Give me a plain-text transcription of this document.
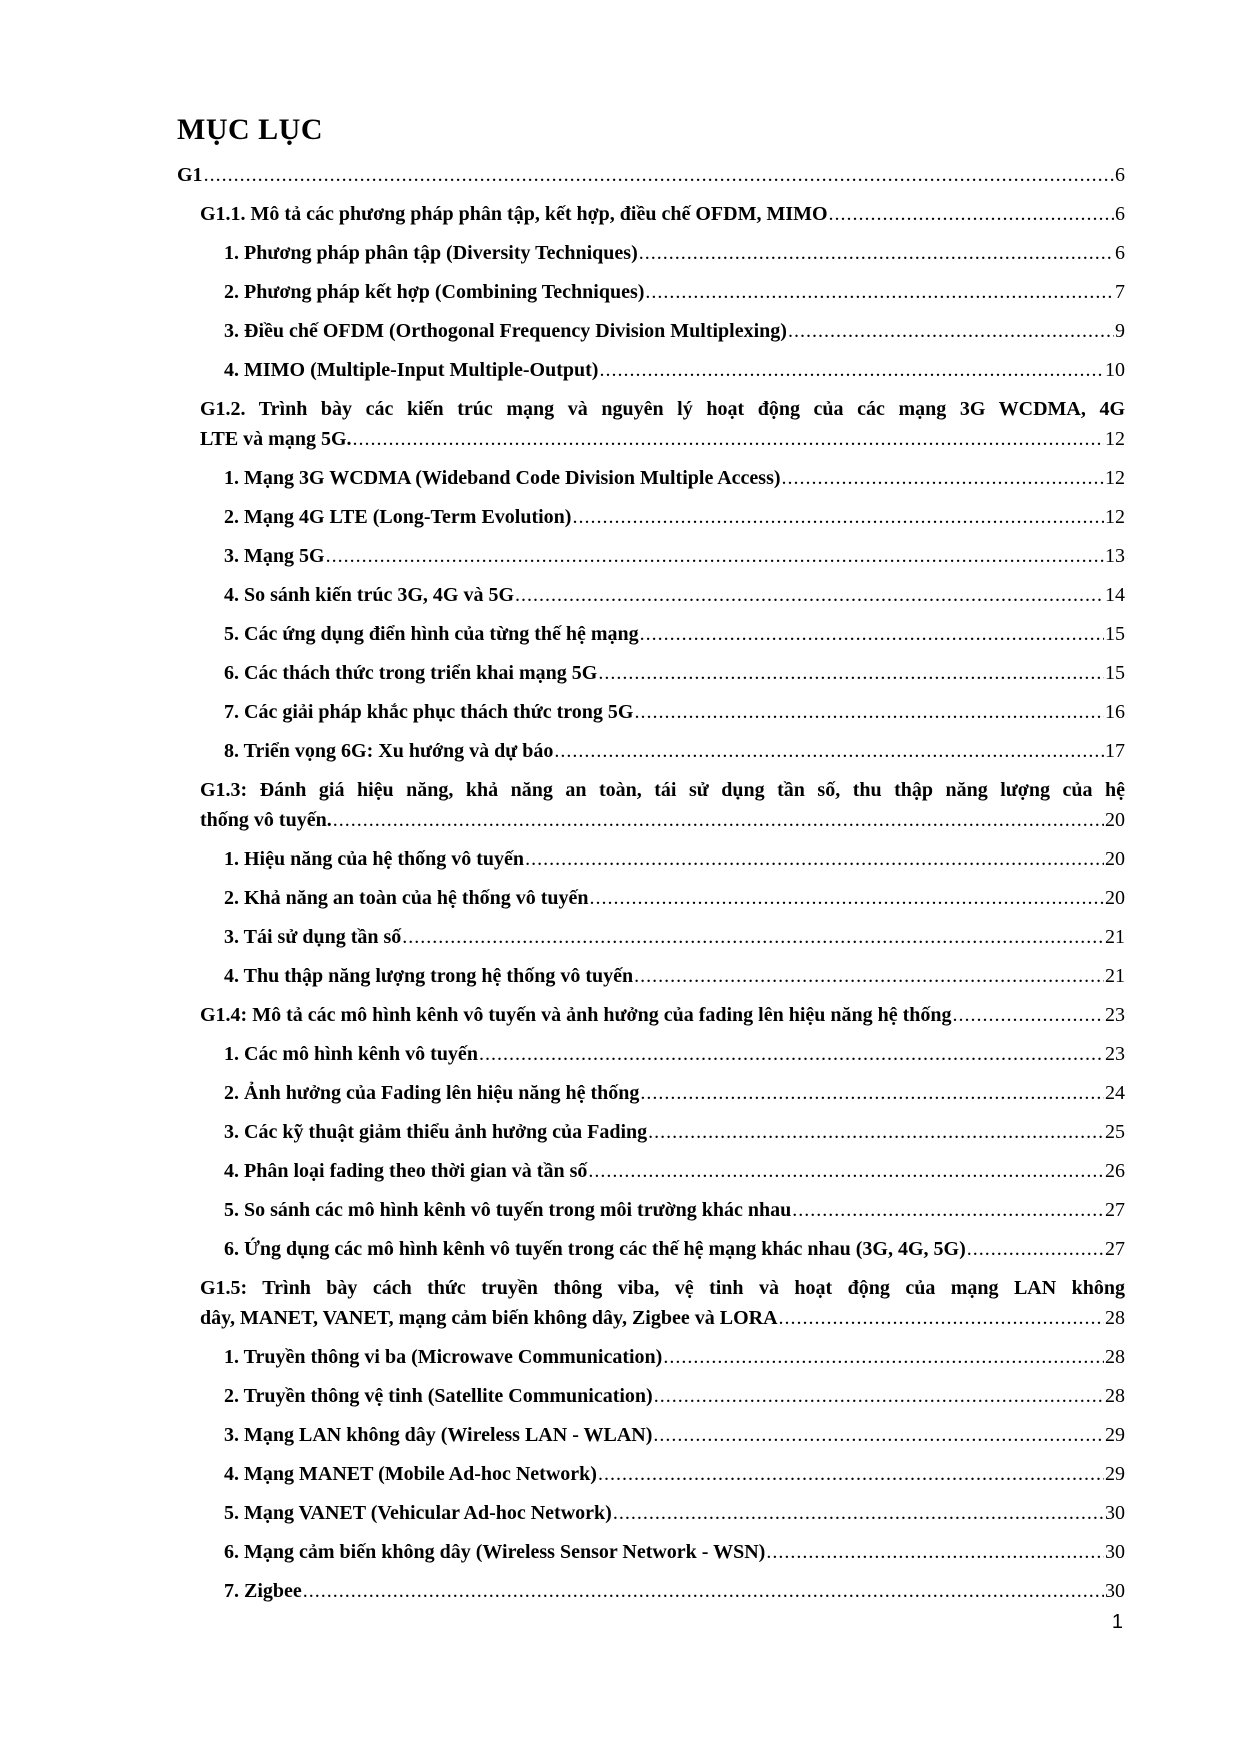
MỤC LỤC
G1 .....	6
G1.1. Mô tả các phương pháp phân tập, kết hợp, điều chế OFDM, MIMO .....	6
1. Phương pháp phân tập (Diversity Techniques) .....	6
2. Phương pháp kết hợp (Combining Techniques) .....	7
3. Điều chế OFDM (Orthogonal Frequency Division Multiplexing) .....	9
4. MIMO (Multiple-Input Multiple-Output) .....	10
G1.2. Trình bày các kiến trúc mạng và nguyên lý hoạt động của các mạng 3G WCDMA, 4G
LTE và mạng 5G. .....	12
1. Mạng 3G WCDMA (Wideband Code Division Multiple Access) .....	12
2. Mạng 4G LTE (Long-Term Evolution) .....	12
3. Mạng 5G .....	13
4. So sánh kiến trúc 3G, 4G và 5G .....	14
5. Các ứng dụng điển hình của từng thế hệ mạng .....	15
6. Các thách thức trong triển khai mạng 5G .....	15
7. Các giải pháp khắc phục thách thức trong 5G .....	16
8. Triển vọng 6G: Xu hướng và dự báo .....	17
G1.3: Đánh giá hiệu năng, khả năng an toàn, tái sử dụng tần số, thu thập năng lượng của hệ
thống vô tuyến. .....	20
1. Hiệu năng của hệ thống vô tuyến .....	20
2. Khả năng an toàn của hệ thống vô tuyến .....	20
3. Tái sử dụng tần số .....	21
4. Thu thập năng lượng trong hệ thống vô tuyến .....	21
G1.4: Mô tả các mô hình kênh vô tuyến và ảnh hưởng của fading lên hiệu năng hệ thống .....	23
1. Các mô hình kênh vô tuyến .....	23
2. Ảnh hưởng của Fading lên hiệu năng hệ thống .....	24
3. Các kỹ thuật giảm thiểu ảnh hưởng của Fading .....	25
4. Phân loại fading theo thời gian và tần số .....	26
5. So sánh các mô hình kênh vô tuyến trong môi trường khác nhau .....	27
6. Ứng dụng các mô hình kênh vô tuyến trong các thế hệ mạng khác nhau (3G, 4G, 5G) .....	27
G1.5: Trình bày cách thức truyền thông viba, vệ tinh và hoạt động của mạng LAN không
dây, MANET, VANET, mạng cảm biến không dây, Zigbee và LORA .....	28
1. Truyền thông vi ba (Microwave Communication) .....	28
2. Truyền thông vệ tinh (Satellite Communication) .....	28
3. Mạng LAN không dây (Wireless LAN - WLAN) .....	29
4. Mạng MANET (Mobile Ad-hoc Network) .....	29
5. Mạng VANET (Vehicular Ad-hoc Network) .....	30
6. Mạng cảm biến không dây (Wireless Sensor Network - WSN) .....	30
7. Zigbee .....	30
1
